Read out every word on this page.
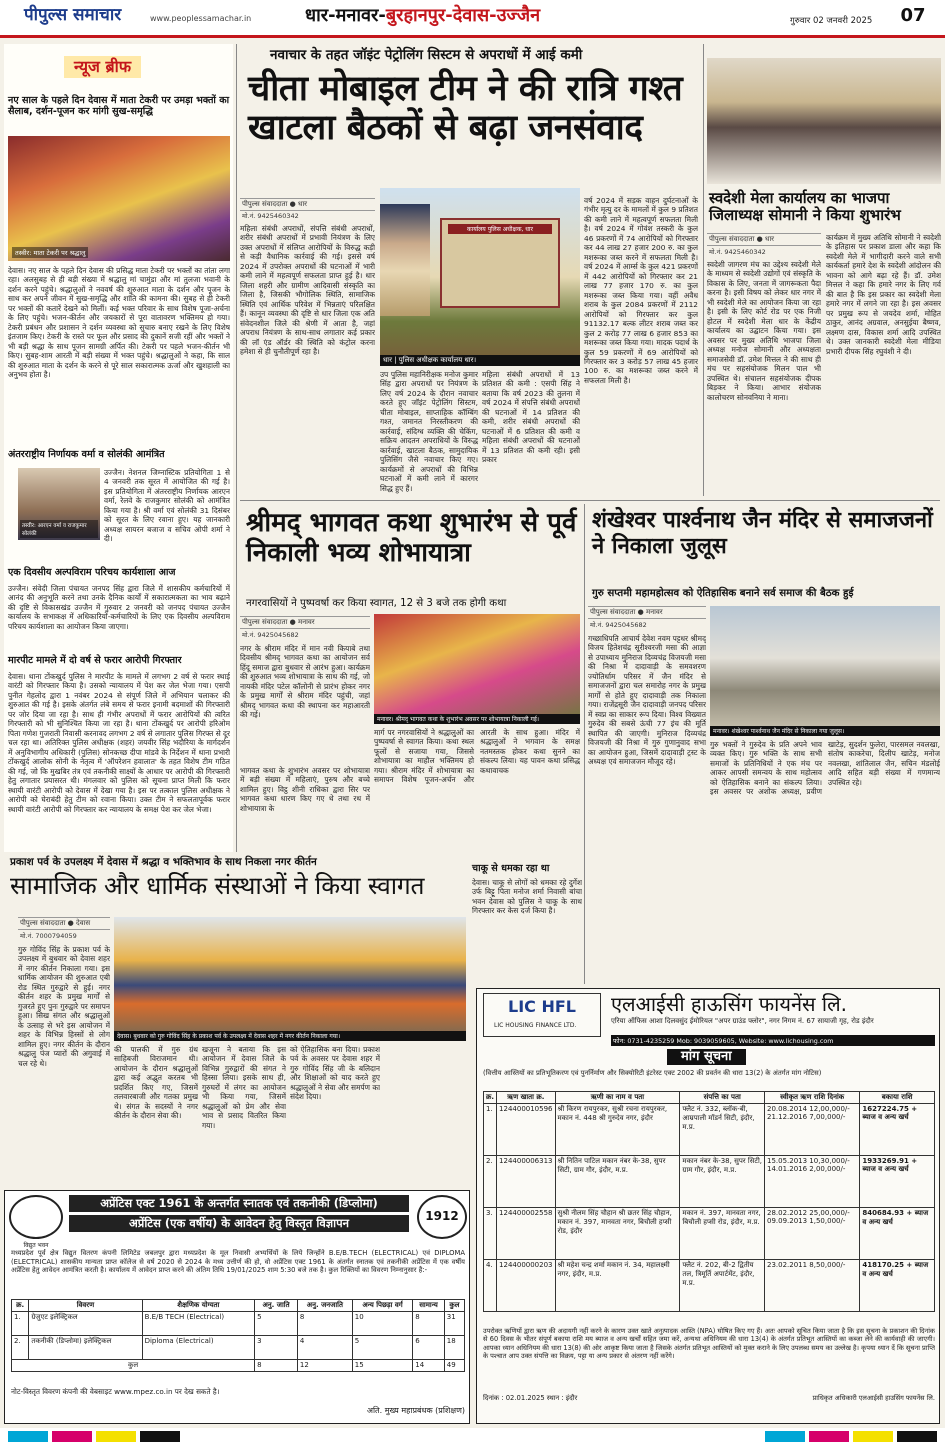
पीपुल्स समाचार	www.peoplessamachar.in	धार-मनावर-बुरहानपुर-देवास-उज्जैन	गुरुवार 02 जनवरी 2025 07
न्यूज ब्रीफ
नए साल के पहले दिन देवास में माता टेकरी पर उमड़ा भक्तों का सैलाब, दर्शन-पूजन कर मांगी सुख-समृद्धि
तस्वीर: माता टेकरी पर श्रद्धालु
देवास। नए साल के पहले दिन देवास की प्रसिद्ध माता टेकरी पर भक्तों का तांता लगा रहा। अलसुबह से ही बड़ी संख्या में श्रद्धालु मां चामुंडा और मां तुलजा भवानी के दर्शन करने पहुंचे। श्रद्धालुओं ने नववर्ष की शुरुआत माता के दर्शन और पूजन के साथ कर अपने जीवन में सुख-समृद्धि और शांति की कामना की। सुबह से ही टेकरी पर भक्तों की कतारें देखने को मिलीं। कई भक्त परिवार के साथ विशेष पूजा-अर्चना के लिए पहुंचे। भजन-कीर्तन और जयकारों से पूरा वातावरण भक्तिमय हो गया। टेकरी प्रबंधन और प्रशासन ने दर्शन व्यवस्था को सुचारु बनाए रखने के लिए विशेष इंतजाम किए। टेकरी के रास्ते पर फूल और प्रसाद की दुकानें सजी रहीं और भक्तों ने भी बड़ी श्रद्धा के साथ पूजन सामग्री अर्पित की। टेकरी पर पहले भजन-कीर्तन भी किए। सुबह-शाम आरती में बड़ी संख्या में भक्त पहुंचे। श्रद्धालुओं ने कहा, कि साल की शुरुआत माता के दर्शन के करने से पूरे साल सकारात्मक ऊर्जा और खुशहाली का अनुभव होता है।
अंतरराष्ट्रीय निर्णायक वर्मा व सोलंकी आमंत्रित
तस्वीर: आरएन वर्मा व राजकुमार सोलंकी
उज्जैन। नेशनल जिम्नास्टिक प्रतियोगिता 1 से 4 जनवरी तक सूरत में आयोजित की गई है। इस प्रतियोगिता में अंतरराष्ट्रीय निर्णायक आरएन वर्मा, रेलवे के राजकुमार सोलंकी को आमंत्रित किया गया है। श्री वर्मा एवं सोलंकी 31 दिसंबर को सूरत के लिए रवाना हुए। यह जानकारी अध्यक्ष सायरन बजाज व सचिव ओपी शर्मा ने दी।
एक दिवसीय अल्पविराम परिचय कार्यशाला आज
उज्जैन। संवेदी जिला पंचायत जनपद सिंह द्वारा जिले में शासकीय कर्मचारियों में आनंद की अनुभूति करने तथा उनके दैनिक कार्यों में सकारात्मकता का भाव बढ़ाने की दृष्टि से विकासखंड उज्जैन में गुरुवार 2 जनवरी को जनपद पंचायत उज्जैन कार्यालय के सभाकक्ष में अधिकारियों-कर्मचारियों के लिए एक दिवसीय अल्पविराम परिचय कार्यशाला का आयोजन किया जाएगा।
मारपीट मामले में दो वर्ष से फरार आरोपी गिरफ्तार
देवास। थाना टोंकखुर्द पुलिस ने मारपीट के मामले में लगभग 2 वर्ष से फरार स्थाई वारंटी को गिरफ्तार किया है। उसको न्यायालय में पेश कर जेल भेजा गया। एसपी पुनीत गेहलोद द्वारा 1 नवंबर 2024 से संपूर्ण जिले में अभियान चलाकर की शुरुआत की गई है। इसके अंतर्गत लंबे समय से फरार इनामी बदमाशों की गिरफ्तारी पर जोर दिया जा रहा है। साथ ही गंभीर अपराधों में फरार आरोपियों की त्वरित गिरफ्तारी को भी सुनिश्चित किया जा रहा है। थाना टोंकखुर्द पर आरोपी हरिओम पिता गणेश गुजराती निवासी करनावद लगभग 2 वर्ष से लगातार पुलिस गिरफ्त से दूर चल रहा था। अतिरिक्त पुलिस अधीक्षक (शहर) जयवीर सिंह भदौरिया के मार्गदर्शन में अनुविभागीय अधिकारी (पुलिस) सोनकच्छ दीपा मांडवे के निर्देशन में थाना प्रभारी टोंकखुर्द आलोक सोनी के नेतृत्व में 'ऑपरेशन हवालात' के तहत विशेष टीम गठित की गई, जो कि मुखबिर तंत्र एवं तकनीकी साक्ष्यों के आधार पर आरोपी की गिरफ्तारी हेतु लगातार प्रयासरत थी। मंगलवार को पुलिस को सूचना प्राप्त मिली कि फरार स्थायी वारंटी आरोपी को देवास में देखा गया है। इस पर तत्काल पुलिस अधीक्षक ने आरोपी को घेराबंदी हेतु टीम को रवाना किया। उक्त टीम ने सफलतापूर्वक फरार स्थायी वारंटी आरोपी को गिरफ्तार कर न्यायालय के समक्ष पेश कर जेल भेजा।
नवाचार के तहत जॉइंट पेट्रोलिंग सिस्टम से अपराधों में आई कमी
चीता मोबाइल टीम ने की रात्रि गश्त खाटला बैठकों से बढ़ा जनसंवाद
पीपुल्स संवाददाता ● धार
मो.नं. 9425460342
महिला संबंधी अपराधों, संपत्ति संबंधी अपराधों, शरीर संबंधी अपराधों में प्रभावी नियंत्रण के लिए उक्त अपराधों में संलिप्त आरोपियों के विरुद्ध कड़ी से कड़ी वैधानिक कार्रवाई की गई। इससे वर्ष 2024 में उपरोक्त अपराधों की घटनाओं में भारी कमी लाने में महत्वपूर्ण सफलता प्राप्त हुई है। धार जिला शहरी और ग्रामीण आदिवासी संस्कृति का जिला है, जिसकी भौगोलिक स्थिति, सामाजिक स्थिति एवं आर्थिक परिवेश में भिन्नताएं परिलक्षित हैं। कानून व्यवस्था की दृष्टि से धार जिला एक अति संवेदनशील जिले की श्रेणी में आता है, जहां अपराध नियंत्रण के साथ-साथ लगातार कई प्रकार की लॉ एंड ऑर्डर की स्थिति को कंट्रोल करना हमेशा से ही चुनौतीपूर्ण रहा है।
कार्यालय पुलिस अधीक्षक, धार
धार | पुलिस अधीक्षक कार्यालय धार।
उप पुलिस महानिरीक्षक मनोज कुमार सिंह द्वारा अपराधों पर नियंत्रण के लिए वर्ष 2024 के दौरान नवाचार करते हुए जॉइंट पेट्रोलिंग सिस्टम, चीता मोबाइल, साप्ताहिक कॉम्बिंग गश्त, जमानत निरस्तीकरण की कार्रवाई, संदिग्ध व्यक्ति की चेकिंग, सक्रिय आदतन अपराधियों के विरुद्ध कार्रवाई, खाटला बैठक, सामुदायिक पुलिसिंग जैसे नवाचार किए गए। कार्यक्रमों से अपराधों की विभिन्न घटनाओं में कमी लाने में कारगर सिद्ध हुए हैं।
महिला संबंधी अपराधों में 13 प्रतिशत की कमी : एसपी सिंह ने बताया कि वर्ष 2023 की तुलना में वर्ष 2024 में संपत्ति संबंधी अपराधों की घटनाओं में 14 प्रतिशत की कमी, शरीर संबंधी अपराधों की घटनाओं में 6 प्रतिशत की कमी व महिला संबंधी अपराधों की घटनाओं में 13 प्रतिशत की कमी रही। इसी प्रकार
वर्ष 2024 में सड़क वाहन दुर्घटनाओं के गंभीर मृत्यु दर के मामलों में कुल 9 प्रतिशत की कमी लाने में महत्वपूर्ण सफलता मिली है। वर्ष 2024 में गोवंश तस्करी के कुल 46 प्रकरणों में 74 आरोपियों को गिरफ्तार कर 44 लाख 27 हजार 200 रु. का कुल मशरूका जब्त करने में सफलता मिली है। वर्ष 2024 में आर्म्स के कुल 421 प्रकरणों में 442 आरोपियों को गिरफ्तार कर 21 लाख 77 हजार 170 रु. का कुल मशरूका जब्त किया गया। वहीं अवैध शराब के कुल 2084 प्रकरणों में 2112 आरोपियों को गिरफ्तार कर कुल 91132.17 बल्क लीटर शराब जब्त कर कुल 2 करोड़ 77 लाख 6 हजार 853 का मशरूका जब्त किया गया। मादक पदार्थ के कुल 59 प्रकरणों में 69 आरोपियों को गिरफ्तार कर 3 करोड़ 57 लाख 45 हजार 100 रु. का मशरूका जब्त करने में सफलता मिली है।
स्वदेशी मेला कार्यालय का भाजपा जिलाध्यक्ष सोमानी ने किया शुभारंभ
पीपुल्स संवाददाता ● धार
मो.नं. 9425460342
स्वदेशी जागरण मंच का उद्देश्य स्वदेशी मेले के माध्यम से स्वदेशी उद्योगों एवं संस्कृति के विकास के लिए, जनता में जागरूकता पैदा करना है। इसी विषय को लेकर धार नगर में भी स्वदेशी मेले का आयोजन किया जा रहा है। इसी के लिए कोर्ट रोड पर एक निजी होटल में स्वदेशी मेला धार के केंद्रीय कार्यालय का उद्घाटन किया गया। इस अवसर पर मुख्य अतिथि भाजपा जिला अध्यक्ष मनोज सोमानी और अध्यक्षता समाजसेवी डॉ. उमेश मित्तल ने की साथ ही मंच पर सहसंयोजक मिलन पाल भी उपस्थित थे। संचालन सहसंयोजक दीपक बिड़कर ने किया। आभार संयोजक कालोचरण सोनवनिया ने माना।
कार्यक्रम में मुख्य अतिथि सोमानी ने स्वदेशी के इतिहास पर प्रकाश डाला और कहा कि स्वदेशी मेले में भागीदारी करने वाले सभी कार्यकर्ता हमारे देश के स्वदेशी आंदोलन की भावना को आगे बढ़ा रहे हैं। डॉ. उमेश मित्तल ने कहा कि हमारे नगर के लिए गर्व की बात है कि इस प्रकार का स्वदेशी मेला हमारे नगर में लगने जा रहा है। इस अवसर पर प्रमुख रूप से जयदेव शर्मा, मोहित ठाकुर, आनंद अग्रवाल, अनसुईया बैष्णव, लक्ष्मण दास, विकास शर्मा आदि उपस्थित थे। उक्त जानकारी स्वदेशी मेला मीडिया प्रभारी दीपक सिंह रघुवंशी ने दी।
श्रीमद् भागवत कथा शुभारंभ से पूर्व निकाली भव्य शोभायात्रा
नगरवासियों ने पुष्पवर्षा कर किया स्वागत, 12 से 3 बजे तक होगी कथा
पीपुल्स संवाददाता ● मनावर
मो.नं. 9425045682
मनावर। श्रीमद् भागवत कथा के शुभारंभ अवसर पर शोभायात्रा निकाली गई।
नगर के श्रीराम मंदिर में मान नवी कियाबे तथा दिवसीय श्रीमद् भागवत कथा का आयोजन सर्व हिंदू समाज द्वारा बुधवार से आरंभ हुआ। कार्यक्रम की शुरुआत भव्य शोभायात्रा के साथ की गई, जो नायकी मंदिर पटेल कॉलोनी से प्रारंभ होकर नगर के प्रमुख मार्गों से श्रीराम मंदिर पहुंची, जहां श्रीमद् भागवत कथा की स्थापना कर महाआरती की गई।
भागवत कथा के शुभारंभ अवसर पर शोभायात्रा में बड़ी संख्या में महिलाएं, पुरुष और बच्चे शामिल हुए। विट्ठ शीनी राधिका द्वारा सिर पर भागवत कथा धारण किए गए थे तथा रथ में शोभायात्रा के
मार्ग पर नगरवासियों ने श्रद्धालुओं का पुष्पवर्षा से स्वागत किया। कथा स्थल फूलों से सजाया गया, जिससे शोभायात्रा का माहौल भक्तिमय हो गया। श्रीराम मंदिर में शोभायात्रा का समापन विशेष पूजन-अर्चन और आरती के साथ हुआ। मंदिर में श्रद्धालुओं ने भगवान के समक्ष नतमस्तक होकर कथा सुनने का संकल्प लिया। यह पावन कथा प्रसिद्ध कथावाचक
शंखेश्वर पार्श्वनाथ जैन मंदिर से समाजजनों ने निकाला जुलूस
गुरु सप्तमी महामहोत्सव को ऐतिहासिक बनाने सर्व समाज की बैठक हुई
पीपुल्स संवाददाता ● मनावर
मो.नं. 9425045682
गच्छाधिपति आचार्य देवेश नवम पट्टधर श्रीमद् विजय हितेशचंद्र सूरीश्वरजी मसा की आज्ञा से उपाध्याय मुनिराज दिव्यचंद्र विजयजी मसा की निश्रा में दादावाड़ी के समवशरण ज्योतिर्धाम परिसर में जैन मंदिर से समाजजनों द्वारा चल समारोह नगर के प्रमुख मार्गों से होते हुए दादावाड़ी तक निकाला गया। राजेंद्रसूरी जैन दादावाड़ी जनपद परिसर में स्वप्न का साकार रूप दिया। विश्व विख्यात गुरुदेव की सबसे ऊंची 77 इंच की मूर्ति स्थापित की जाएगी। मुनिराज दिव्यचंद्र विजयजी की निश्रा में गुरु गुणानुवाद सभा का आयोजन हुआ, जिसमें दादावाड़ी ट्रस्ट के अध्यक्ष एवं समाजजन मौजूद रहे।
मनावर। शंखेश्वर पार्श्वनाथ जैन मंदिर से निकाला गया जुलूस।
गुरु भक्तों ने गुरुदेव के प्रति अपने भाव व्यक्त किए। गुरु भक्ति के साथ सभी समाजों के प्रतिनिधियों ने एक मंच पर आकर आपसी समन्वय के साथ महोत्सव को ऐतिहासिक बनाने का संकल्प लिया। इस अवसर पर अशोक अध्यक्ष, प्रवीण खाटेड़, सुदर्शन फुलेरा, पारसमल नवलखा, संतोष काकरेचा, दिलीप खाटेड़, मनोज नवलखा, शांतिलाल जैन, सचिन मंडलोई आदि सहित बड़ी संख्या में गणमान्य उपस्थित रहे।
चाकू से धमका रहा था
देवास। चाकू से लोगों को धमका रहे दुर्गेश उर्फ बिट्टू पिता मनोज शर्मा निवासी बांचा भवन देवास को पुलिस ने चाकू के साथ गिरफ्तार कर केस दर्ज किया है।
प्रकाश पर्व के उपलक्ष्य में देवास में श्रद्धा व भक्तिभाव के साथ निकला नगर कीर्तन
सामाजिक और धार्मिक संस्थाओं ने किया स्वागत
पीपुल्स संवाददाता ● देवास
मो.नं. 7000794059
गुरु गोविंद सिंह के प्रकाश पर्व के उपलक्ष्य में बुधवार को देवास शहर में नगर कीर्तन निकाला गया। इस धार्मिक आयोजन की शुरुआत एबी रोड स्थित गुरुद्वारे से हुई। नगर कीर्तन शहर के प्रमुख मार्गों से गुजरते हुए पुनः गुरुद्वारे पर समापन हुआ। सिख संगत और श्रद्धालुओं के उत्साह से भरे इस आयोजन में शहर के विभिन्न हिस्सों से लोग शामिल हुए। नगर कीर्तन के दौरान श्रद्धालु पंज प्यारों की अगुवाई में चल रहे थे।
देवास। बुधवार को गुरु गोविंद सिंह के प्रकाश पर्व के उपलक्ष्य में देवास शहर में नगर कीर्तन निकाला गया।
की पालकी में गुरु ग्रंथ साहिबजी विराजमान थी। आयोजन के दौरान श्रद्धालुओं द्वारा कई अद्भुत करतब भी प्रदर्शित किए गए, जिसमें तलवारबाजी और गतका प्रमुख थे। संगत के सदस्यों ने नगर कीर्तन के दौरान सेवा की।
खजूना ने बताया कि इस आयोजन में देवास जिले के विभिन्न गुरुद्वारों की संगत ने हिस्सा लिया। इसके साथ ही, गुरुघरों में लंगर का आयोजन भी किया गया, जिसमें श्रद्धालुओं को प्रेम और सेवा भाव से प्रसाद वितरित किया गया।
को ऐतिहासिक बना दिया। प्रकाश पर्व के अवसर पर देवास शहर में गुरु गोविंद सिंह जी के बलिदान और शिक्षाओं को याद करते हुए श्रद्धालुओं ने सेवा और समर्पण का संदेश दिया।
LIC HFL
LIC HOUSING FINANCE LTD.
एलआईसी हाऊसिंग फायनेंस लि.
एरिया ऑफिस आशा दिलवसुंद ईमोरियल "अपर ग्राउंड फ्लोर", नगर निगम नं. 67 सायाजी गृह, रोड इंदौर
फोन: 0731-4235259 Mob: 9039059605, Website: www.lichousing.com
मांग सूचना
(वित्तीय आस्तियों का प्रतिभूतिकरण एवं पुनर्निर्माण और सिक्योरिटी इंटरेस्ट एक्ट 2002 की प्रवर्तन की धारा 13(2) के अंतर्गत मांग नोटिस)
क्र.	ऋण खाता क्र.	ऋणी का नाम व पता	संपत्ति का पता	स्वीकृत ऋण राशि दिनांक	बकाया राशि
1.	124400010596	श्री किरण रायपुरकर, सुश्री रचना रायपुरकर, मकान नं. 448 श्री गुरुदेव नगर, इंदौर	फ्लैट नं. 332, ब्लॉक-बी, आम्रपाली मॉडर्न सिटी, इंदौर, म.प्र.	20.08.2014 12,00,000/- 21.12.2016 7,00,000/-	1627224.75 + ब्याज व अन्य खर्च
2.	124400006313	श्री नितिन पाटिल मकान नंबर के-38, सुपर सिटी, ग्राम गौर, इंदौर, म.प्र.	मकान नंबर के-38, सुपर सिटी, ग्राम गौर, इंदौर, म.प्र.	15.05.2013 10,30,000/- 14.01.2016 2,00,000/-	1933269.91 + ब्याज व अन्य खर्च
3.	124400002558	सुश्री नीलम सिंह चौहान श्री छतर सिंह चौहान, मकान नं. 397, मानवता नगर, बिचौली हप्सी रोड, इंदौर	मकान नं. 397, मानवता नगर, बिचौली हप्सी रोड, इंदौर, म.प्र.	28.02.2012 25,00,000/- 09.09.2013 1,50,000/-	840684.93 + ब्याज व अन्य खर्च
4.	124400000203	श्री महेश चन्द्र शर्मा मकान नं. 34, महालक्ष्मी नगर, इंदौर, म.प्र.	फ्लैट नं. 202, बी-2 द्वितीय तल, त्रिमूर्ति अपार्टमेंट, इंदौर, म.प्र.	23.02.2011 8,50,000/-	418170.25 + ब्याज व अन्य खर्च
उपरोक्त ऋणियों द्वारा ऋण की अदायगी नहीं करने के कारण उक्त खाते अनुत्पादक आस्ति (NPA) घोषित किए गए हैं। अतः आपको सूचित किया जाता है कि इस सूचना के प्रकाशन की दिनांक से 60 दिवस के भीतर संपूर्ण बकाया राशि मय ब्याज व अन्य खर्चों सहित जमा करें, अन्यथा अधिनियम की धारा 13(4) के अंतर्गत प्रतिभूत आस्तियों का कब्जा लेने की कार्यवाही की जाएगी। आपका ध्यान अधिनियम की धारा 13(8) की ओर आकृष्ट किया जाता है जिसके अंतर्गत प्रतिभूत आस्तियों को मुक्त कराने के लिए उपलब्ध समय का उल्लेख है। कृपया ध्यान दें कि सूचना प्राप्ति के पश्चात आप उक्त संपत्ति का विक्रय, पट्टा या अन्य प्रकार से अंतरण नहीं करेंगे।
दिनांक : 02.01.2025 स्थान : इंदौर	प्राधिकृत अधिकारी एलआईसी हाउसिंग फायनेंस लि.
विद्युत भवन
अप्रेंटिस एक्ट 1961 के अन्तर्गत स्नातक एवं तकनीकी (डिप्लोमा)
अप्रेंटिस (एक वर्षीय) के आवेदन हेतु विस्तृत विज्ञापन	1912
मध्यप्रदेश पूर्व क्षेत्र विद्युत वितरण कंपनी लिमिटेड जबलपुर द्वारा मध्यप्रदेश के मूल निवासी अभ्यर्थियों के लिये जिन्होंने B.E/B.TECH (ELECTRICAL) एवं DIPLOMA (ELECTRICAL) शासकीय मान्यता प्राप्त कॉलेज से वर्ष 2020 से 2024 के मध्य उत्तीर्ण की हो, वो अप्रेंटिस एक्ट 1961 के अंतर्गत स्नातक एवं तकनीकी अप्रेंटिस में एक वर्षीय अप्रेंटिस हेतु आवेदन आमंत्रित करती है। कार्यालय में आवेदन प्राप्त करने की अंतिम तिथि 19/01/2025 शाम 5:30 बजे तक है। कुल रिक्तियों का विवरण निम्नानुसार है:-
क्र.	विवरण	शैक्षणिक योग्यता	अनु. जाति	अनु. जनजाति	अन्य पिछड़ा वर्ग	सामान्य	कुल
1.	ग्रेजुएट इलेक्ट्रिकल	B.E/B TECH (Electrical)	5	8	10	8	31
2.	तकनीकी (डिप्लोमा) इलेक्ट्रिकल	Diploma (Electrical)	3	4	5	6	18
कुल			8	12	15	14	49
नोट-विस्तृत विवरण कंपनी की वेबसाइट www.mpez.co.in पर देख सकते है।
अति. मुख्य महाप्रबंधक (प्रशिक्षण)
